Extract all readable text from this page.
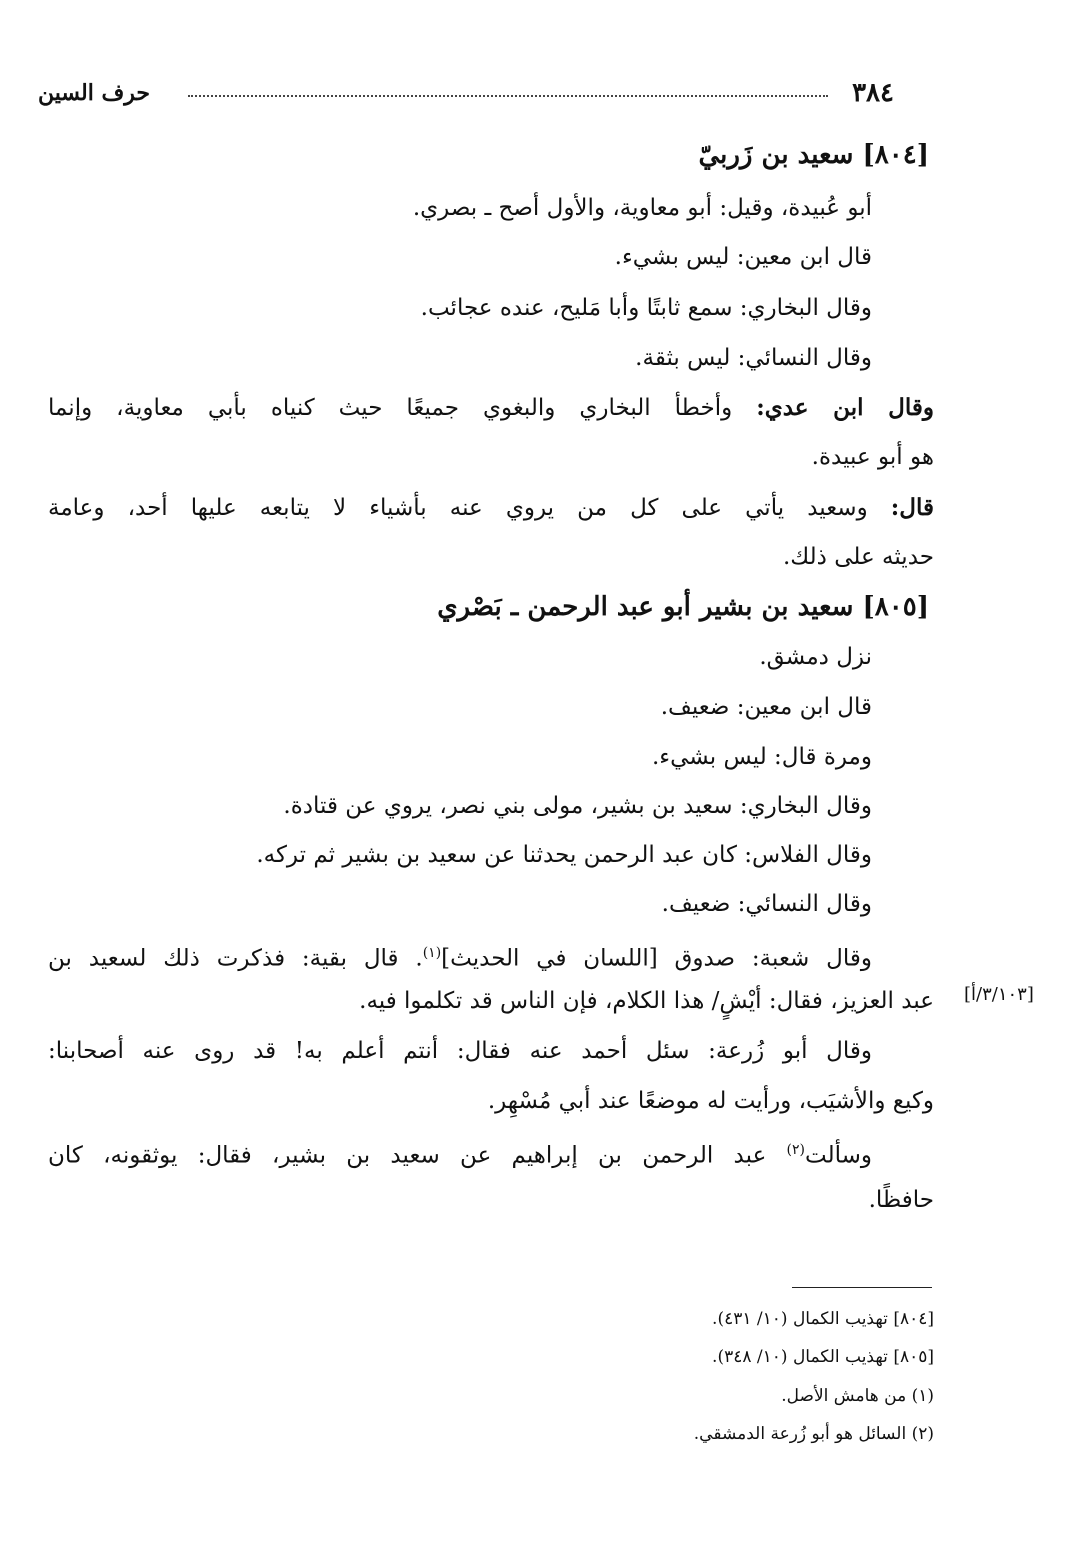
٣٨٤
حرف السين
[٨٠٤] سعيد بن زَربيّ
أبو عُبيدة، وقيل: أبو معاوية، والأول أصح ـ بصري.
قال ابن معين: ليس بشيء.
وقال البخاري: سمع ثابتًا وأبا مَليح، عنده عجائب.
وقال النسائي: ليس بثقة.
وقال ابن عدي: وأخطأ البخاري والبغوي جميعًا حيث كنياه بأبي معاوية، وإنما
هو أبو عبيدة.
قال: وسعيد يأتي على كل من يروي عنه بأشياء لا يتابعه عليها أحد، وعامة
حديثه على ذلك.
[٨٠٥] سعيد بن بشير أبو عبد الرحمن ـ بَصْري
نزل دمشق.
قال ابن معين: ضعيف.
ومرة قال: ليس بشيء.
وقال البخاري: سعيد بن بشير، مولى بني نصر، يروي عن قتادة.
وقال الفلاس: كان عبد الرحمن يحدثنا عن سعيد بن بشير ثم تركه.
وقال النسائي: ضعيف.
وقال شعبة: صدوق [اللسان في الحديث]$^{(١)}$. قال بقية: فذكرت ذلك لسعيد بن
عبد العزيز، فقال: أيْشٍ/ هذا الكلام، فإن الناس قد تكلموا فيه. [٣/١٠٣/أ]
وقال أبو زُرعة: سئل أحمد عنه فقال: أنتم أعلم به! قد روى عنه أصحابنا:
وكيع والأشيَب، ورأيت له موضعًا عند أبي مُسْهِر.
وسألت$^{(٢)}$ عبد الرحمن بن إبراهيم عن سعيد بن بشير، فقال: يوثقونه، كان
حافظًا.
[٨٠٤] تهذيب الكمال (١٠/ ٤٣١).
[٨٠٥] تهذيب الكمال (١٠/ ٣٤٨).
(١) من هامش الأصل.
(٢) السائل هو أبو زُرعة الدمشقي.
